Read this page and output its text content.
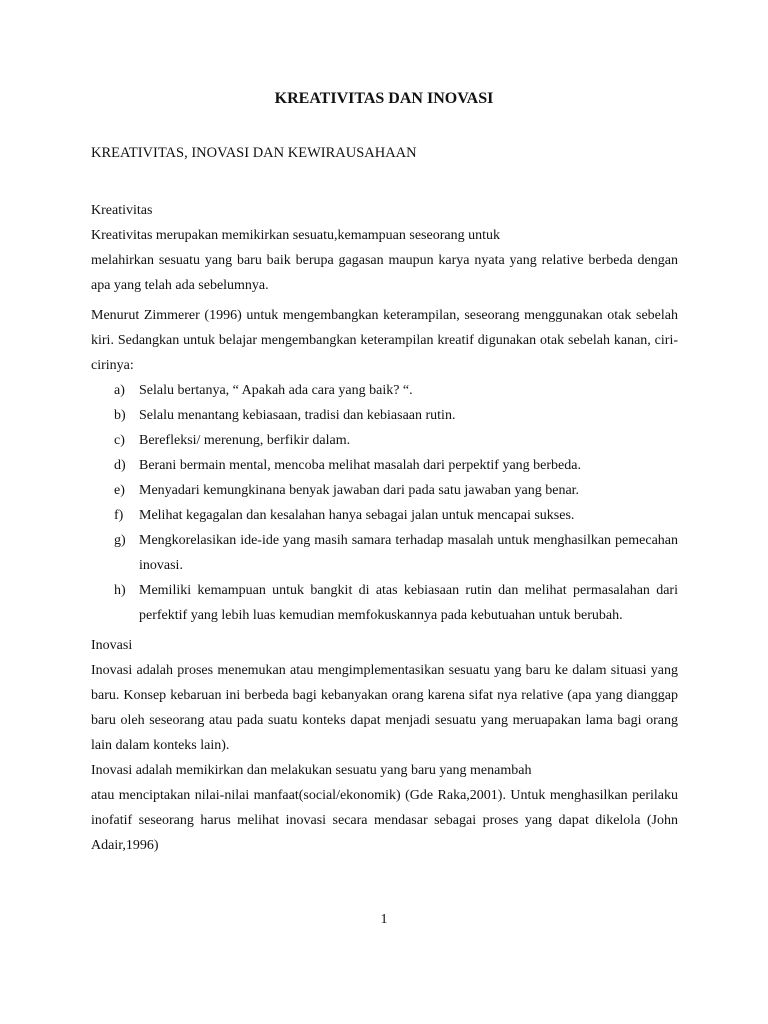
KREATIVITAS DAN INOVASI
KREATIVITAS, INOVASI DAN KEWIRAUSAHAAN

Kreativitas

Kreativitas merupakan memikirkan sesuatu,kemampuan seseorang untuk

melahirkan sesuatu yang baru baik berupa gagasan maupun karya nyata yang relative berbeda dengan apa yang telah ada sebelumnya.

Menurut Zimmerer (1996) untuk mengembangkan keterampilan, seseorang menggunakan otak sebelah kiri. Sedangkan untuk belajar mengembangkan keterampilan kreatif digunakan otak sebelah kanan, ciri-cirinya:

a) Selalu bertanya, “ Apakah ada cara yang baik? “.
b) Selalu menantang kebiasaan, tradisi dan kebiasaan rutin.
c) Berefleksi/ merenung, berfikir dalam.
d) Berani bermain mental, mencoba melihat masalah dari perpektif yang berbeda.
e) Menyadari kemungkinana benyak jawaban dari pada satu jawaban yang benar.
f) Melihat kegagalan dan kesalahan hanya sebagai jalan untuk mencapai sukses.
g) Mengkorelasikan ide-ide yang masih samara terhadap masalah untuk menghasilkan pemecahan inovasi.
h) Memiliki kemampuan untuk bangkit di atas kebiasaan rutin dan melihat permasalahan dari perfektif yang lebih luas kemudian memfokuskannya pada kebutuahan untuk berubah.

Inovasi

Inovasi adalah proses menemukan atau mengimplementasikan sesuatu yang baru ke dalam situasi yang baru. Konsep kebaruan ini berbeda bagi kebanyakan orang karena sifat nya relative (apa yang dianggap baru oleh seseorang atau pada suatu konteks dapat menjadi sesuatu yang meruapakan lama bagi orang lain dalam konteks lain).

Inovasi adalah memikirkan dan melakukan sesuatu yang baru yang menambah

atau menciptakan nilai-nilai manfaat(social/ekonomik) (Gde Raka,2001). Untuk menghasilkan perilaku inofatif seseorang harus melihat inovasi secara mendasar sebagai proses yang dapat dikelola (John Adair,1996)

1
